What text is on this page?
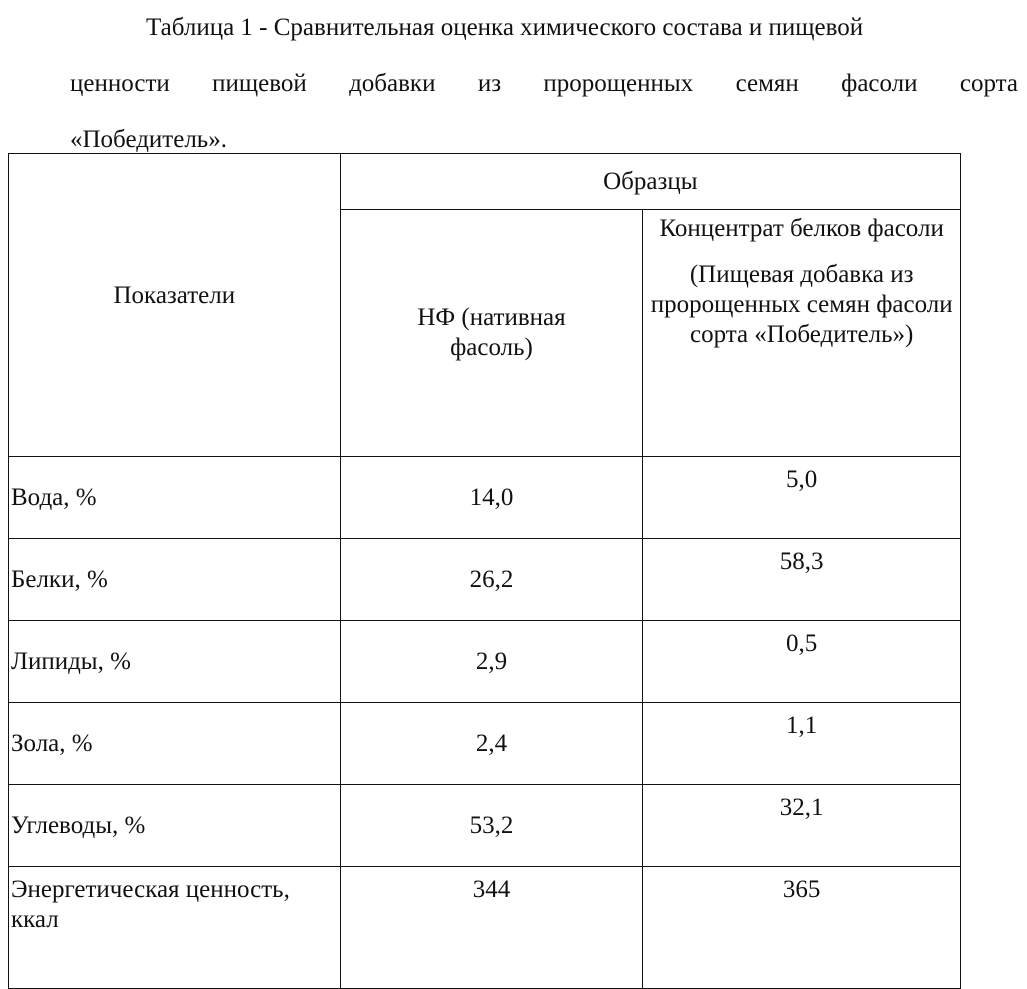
Таблица 1 - Сравнительная оценка химического состава и пищевой
ценности пищевой добавки из пророщенных семян фасоли сорта
«Победитель».
Показатели	Образцы	
	НФ (нативная фасоль)	Концентрат белков фасоли
(Пищевая добавка из пророщенных семян фасоли сорта «Победитель»)

Вода, %	14,0	5,0
Белки, %	26,2	58,3
Липиды, %	2,9	0,5
Зола, %	2,4	1,1
Углеводы, %	53,2	32,1
Энергетическая ценность, ккал	344	365
